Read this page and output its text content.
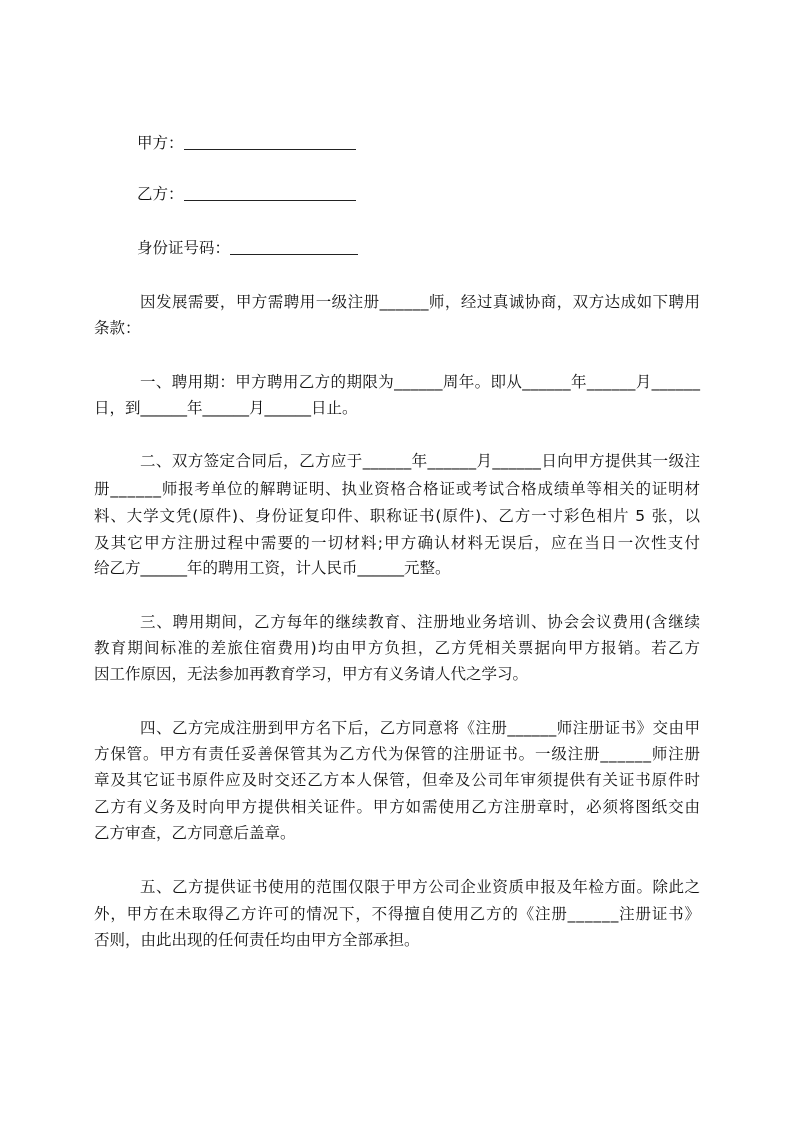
甲方：
乙方：
身份证号码：
因发展需要，甲方需聘用一级注册______师，经过真诚协商，双方达成如下聘用
条款：
一、聘用期：甲方聘用乙方的期限为______周年。即从______年______月______
日，到______年______月______日止。
二、双方签定合同后，乙方应于______年______月______日向甲方提供其一级注
册______师报考单位的解聘证明、执业资格合格证或考试合格成绩单等相关的证明材
料、大学文凭(原件)、身份证复印件、职称证书(原件)、乙方一寸彩色相片 5 张，以
及其它甲方注册过程中需要的一切材料;甲方确认材料无误后，应在当日一次性支付
给乙方______年的聘用工资，计人民币______元整。
三、聘用期间，乙方每年的继续教育、注册地业务培训、协会会议费用(含继续
教育期间标准的差旅住宿费用)均由甲方负担，乙方凭相关票据向甲方报销。若乙方
因工作原因，无法参加再教育学习，甲方有义务请人代之学习。
四、乙方完成注册到甲方名下后，乙方同意将《注册______师注册证书》交由甲
方保管。甲方有责任妥善保管其为乙方代为保管的注册证书。一级注册______师注册
章及其它证书原件应及时交还乙方本人保管，但牵及公司年审须提供有关证书原件时
乙方有义务及时向甲方提供相关证件。甲方如需使用乙方注册章时，必须将图纸交由
乙方审查，乙方同意后盖章。
五、乙方提供证书使用的范围仅限于甲方公司企业资质申报及年检方面。除此之
外，甲方在未取得乙方许可的情况下，不得擅自使用乙方的《注册______注册证书》
否则，由此出现的任何责任均由甲方全部承担。
